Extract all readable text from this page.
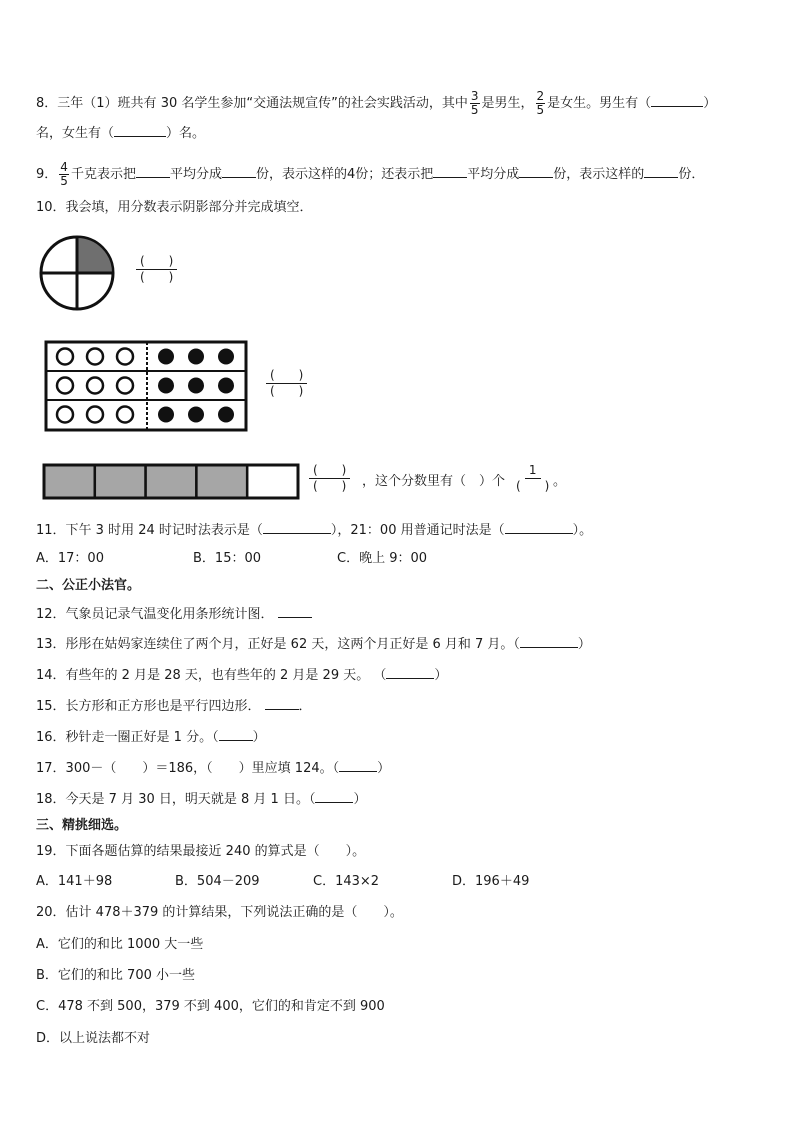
8．三年（1）班共有 30 名学生参加“交通法规宣传”的社会实践活动，其中 $\frac{3}{5}$ 是男生， $\frac{2}{5}$ 是女生。男生有（	）
名，女生有（	）名。
9． $\frac{4}{5}$ 千克表示把	平均分成	份，表示这样的4份；还表示把	平均分成	份，表示这样的	份．
10．我会填，用分数表示阴影部分并完成填空．
(　　)
(　　)
(　　)
(　　)
(　　)
(　　) ，这个分数里有（　）个
1
(　　) 。
11．下午 3 时用 24 时记时法表示是（	），21：00 用普通记时法是（	）。
A．17：00	B．15：00	C．晚上 9：00
二、公正小法官。
12．气象员记录气温变化用条形统计图．
13．彤彤在姑妈家连续住了两个月，正好是 62 天，这两个月正好是 6 月和 7 月。（	）
14．有些年的 2 月是 28 天，也有些年的 2 月是 29 天。 （	）
15．长方形和正方形也是平行四边形．	．
16．秒针走一圈正好是 1 分。（	）
17．300－（　　）＝186，（　　）里应填 124。（	）
18．今天是 7 月 30 日，明天就是 8 月 1 日。（	）
三、精挑细选。
19．下面各题估算的结果最接近 240 的算式是（　　）。
A．141＋98	B．504－209	C．143×2	D．196＋49
20．估计 478＋379 的计算结果，下列说法正确的是（　　）。
A．它们的和比 1000 大一些
B．它们的和比 700 小一些
C．478 不到 500，379 不到 400，它们的和肯定不到 900
D．以上说法都不对
